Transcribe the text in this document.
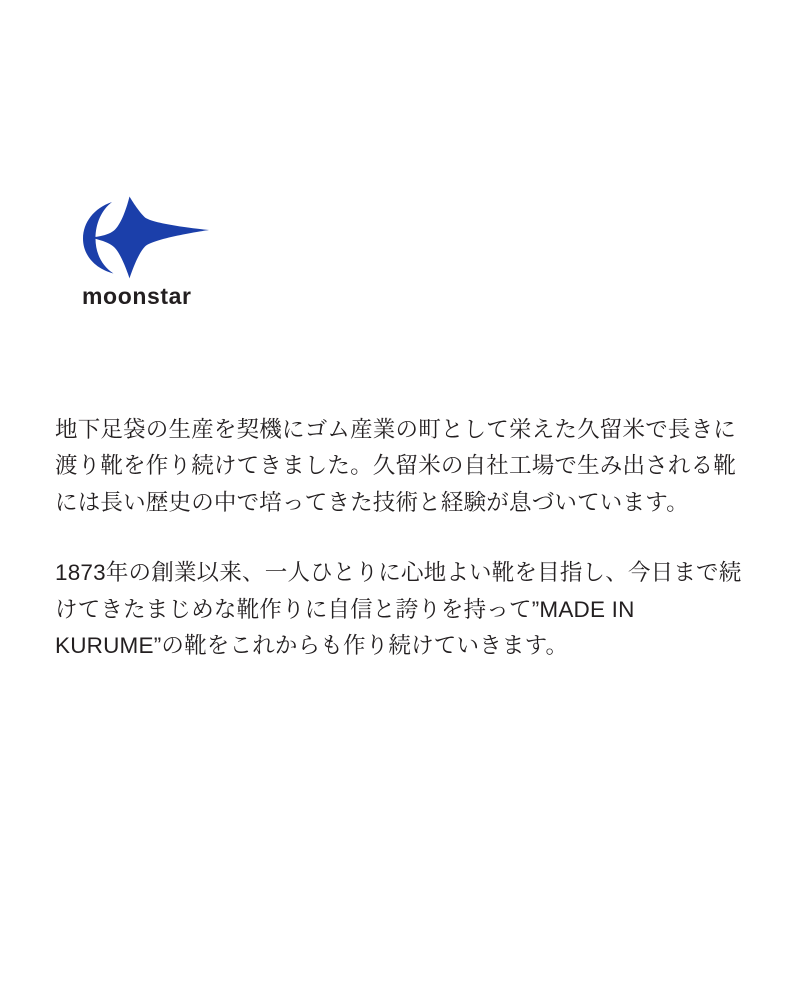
moonstar

地下足袋の生産を契機にゴム産業の町として栄えた久留米で長きに渡り靴を作り続けてきました。久留米の自社工場で生み出される靴には長い歴史の中で培ってきた技術と経験が息づいています。

1873年の創業以来、一人ひとりに心地よい靴を目指し、今日まで続けてきたまじめな靴作りに自信と誇りを持って”MADE IN KURUME”の靴をこれからも作り続けていきます。
